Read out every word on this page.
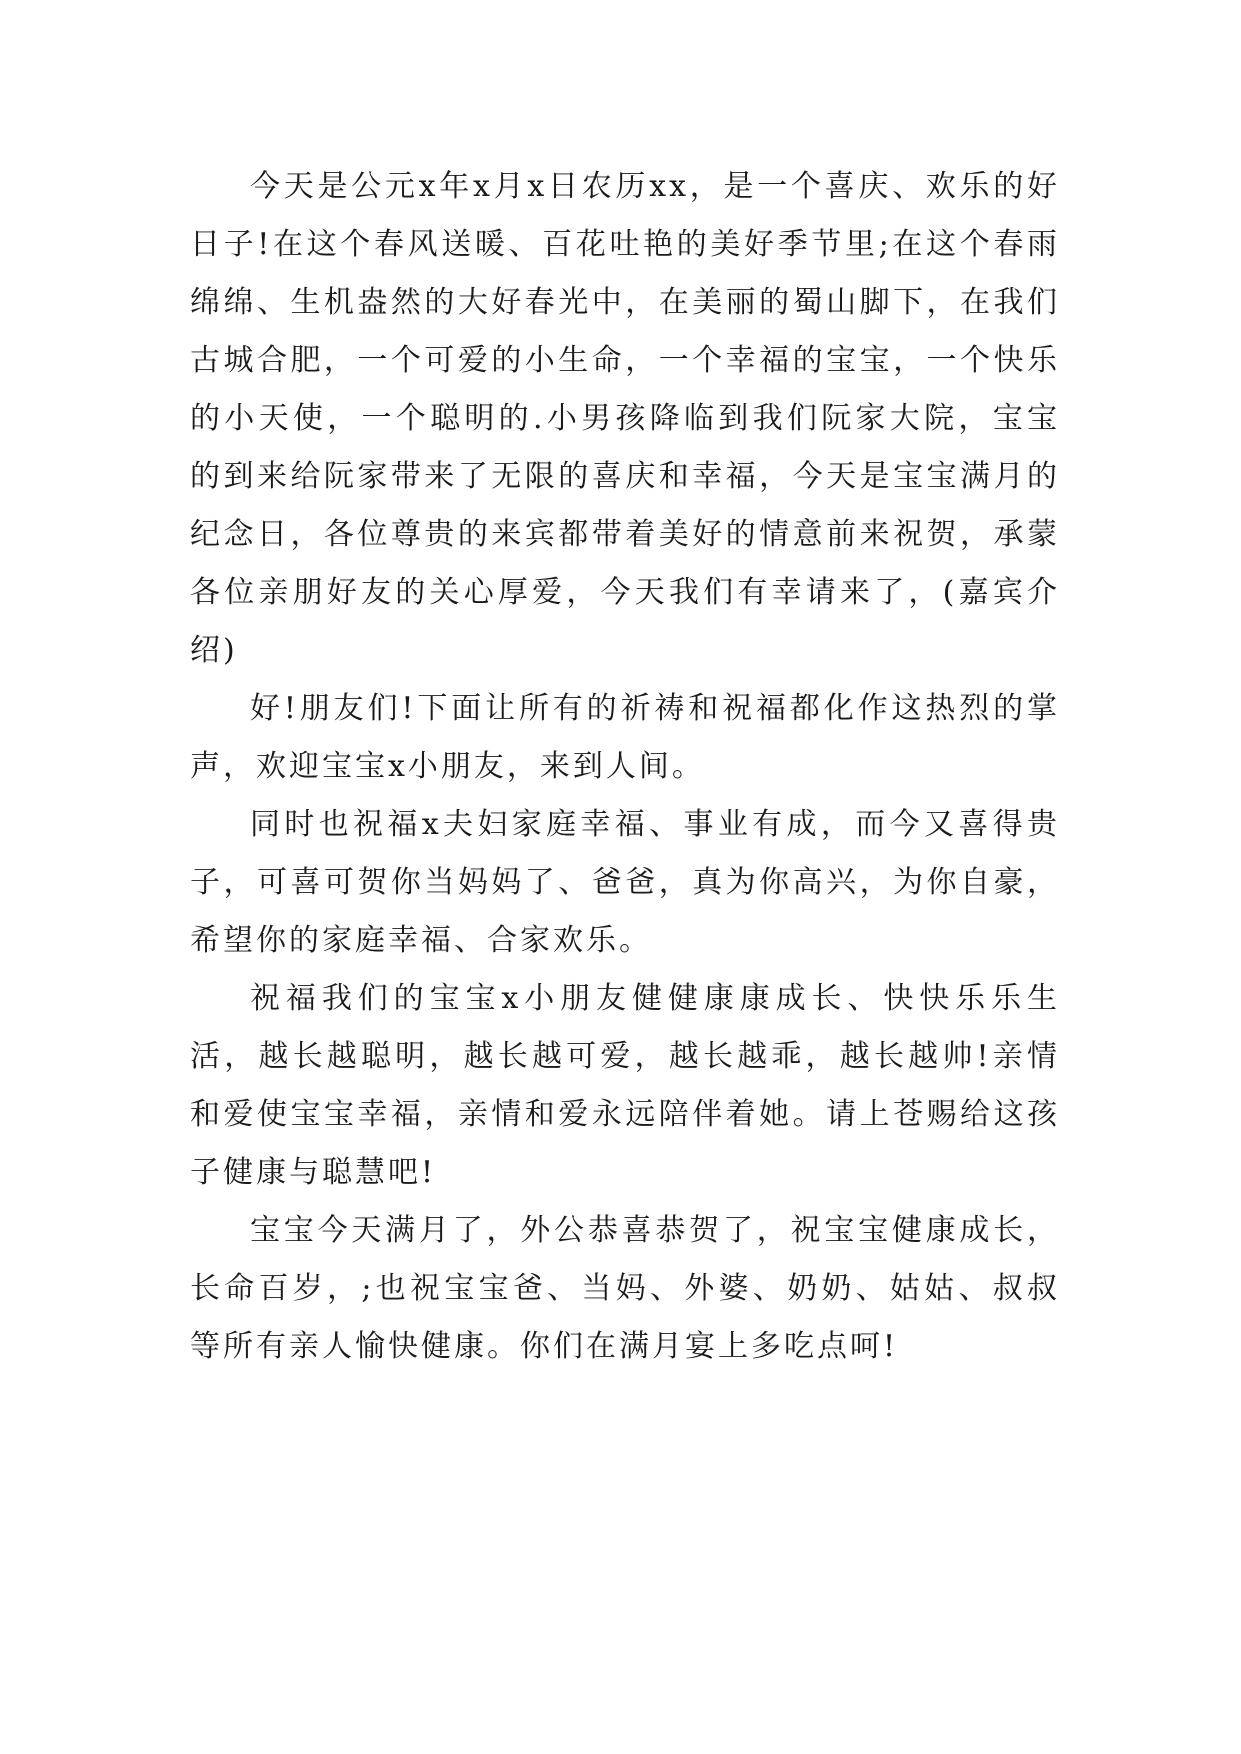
今天是公元x年x月x日农历xx，是一个喜庆、欢乐的好日子!在这个春风送暖、百花吐艳的美好季节里;在这个春雨绵绵、生机盎然的大好春光中，在美丽的蜀山脚下，在我们古城合肥，一个可爱的小生命，一个幸福的宝宝，一个快乐的小天使，一个聪明的.小男孩降临到我们阮家大院，宝宝的到来给阮家带来了无限的喜庆和幸福，今天是宝宝满月的纪念日，各位尊贵的来宾都带着美好的情意前来祝贺，承蒙各位亲朋好友的关心厚爱，今天我们有幸请来了，(嘉宾介绍)

好!朋友们!下面让所有的祈祷和祝福都化作这热烈的掌声，欢迎宝宝x小朋友，来到人间。

同时也祝福x夫妇家庭幸福、事业有成，而今又喜得贵子，可喜可贺你当妈妈了、爸爸，真为你高兴，为你自豪，希望你的家庭幸福、合家欢乐。

祝福我们的宝宝x小朋友健健康康成长、快快乐乐生活，越长越聪明，越长越可爱，越长越乖，越长越帅!亲情和爱使宝宝幸福，亲情和爱永远陪伴着她。请上苍赐给这孩子健康与聪慧吧!

宝宝今天满月了，外公恭喜恭贺了，祝宝宝健康成长，长命百岁，;也祝宝宝爸、当妈、外婆、奶奶、姑姑、叔叔等所有亲人愉快健康。你们在满月宴上多吃点呵!
